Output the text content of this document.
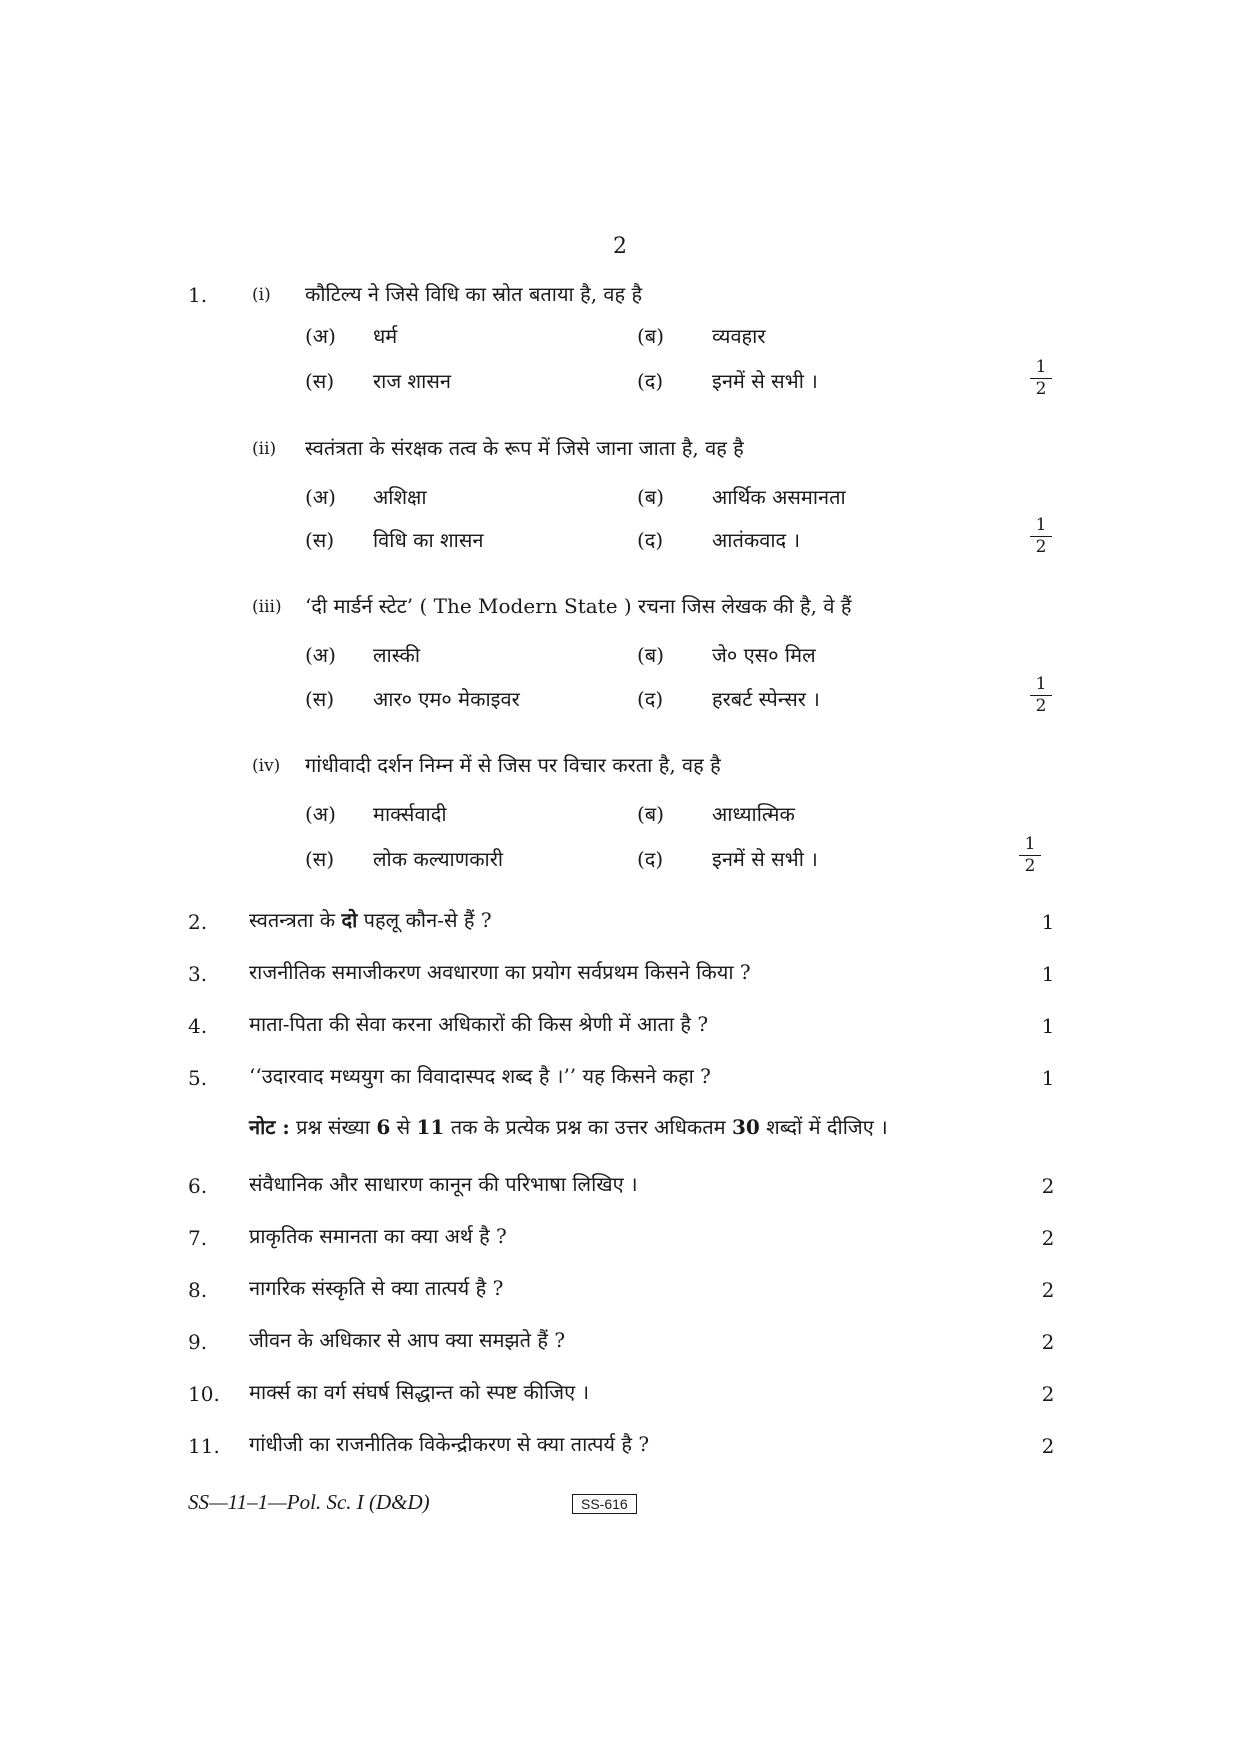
2
1.	(i) कौटिल्य ने जिसे विधि का स्रोत बताया है, वह है
(अ) धर्म	(ब) व्यवहार
(स) राज शासन	(द) इनमें से सभी ।
1
2
(ii) स्वतंत्रता के संरक्षक तत्व के रूप में जिसे जाना जाता है, वह है
(अ) अशिक्षा	(ब) आर्थिक असमानता
(स) विधि का शासन	(द) आतंकवाद ।
1
2
(iii) ‘दी मार्डर्न स्टेट’ ( The Modern State ) रचना जिस लेखक की है, वे हैं
(अ) लास्की	(ब) जे० एस० मिल
(स) आर० एम० मेकाइवर	(द) हरबर्ट स्पेन्सर ।
1
2
(iv) गांधीवादी दर्शन निम्न में से जिस पर विचार करता है, वह है
(अ) मार्क्सवादी	(ब) आध्यात्मिक
(स) लोक कल्याणकारी	(द) इनमें से सभी ।
1
2
2. स्वतन्त्रता के दो पहलू कौन-से हैं ?	1
3. राजनीतिक समाजीकरण अवधारणा का प्रयोग सर्वप्रथम किसने किया ?	1
4. माता-पिता की सेवा करना अधिकारों की किस श्रेणी में आता है ?	1
5. ‘‘उदारवाद मध्ययुग का विवादास्पद शब्द है ।’’ यह किसने कहा ?	1
नोट : प्रश्न संख्या 6 से 11 तक के प्रत्येक प्रश्न का उत्तर अधिकतम 30 शब्दों में दीजिए ।
6. संवैधानिक और साधारण कानून की परिभाषा लिखिए ।	2
7. प्राकृतिक समानता का क्या अर्थ है ?	2
8. नागरिक संस्कृति से क्या तात्पर्य है ?	2
9. जीवन के अधिकार से आप क्या समझते हैं ?	2
10. मार्क्स का वर्ग संघर्ष सिद्धान्त को स्पष्ट कीजिए ।	2
11. गांधीजी का राजनीतिक विकेन्द्रीकरण से क्या तात्पर्य है ?	2
SS—11–1—Pol. Sc. I (D&D)	SS-616
